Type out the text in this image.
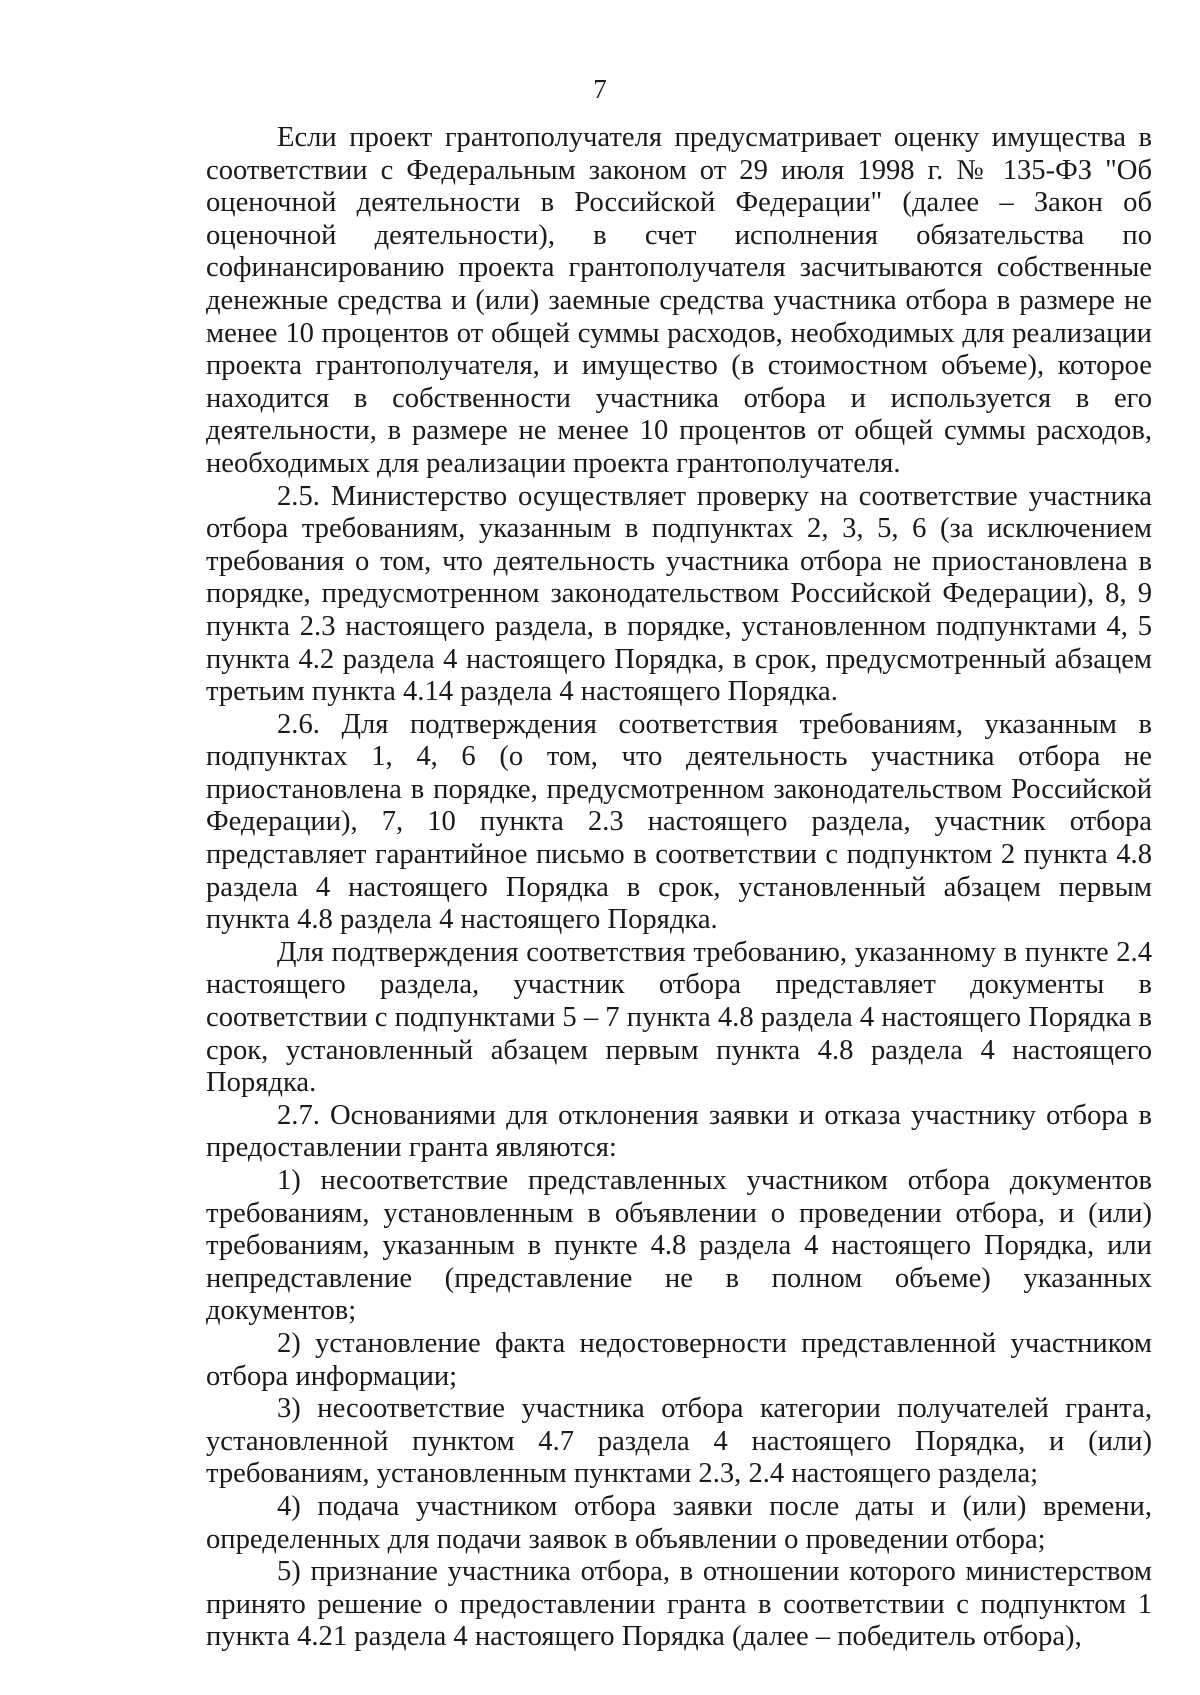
7

Если проект грантополучателя предусматривает оценку имущества в соответствии с Федеральным законом от 29 июля 1998 г. № 135-ФЗ "Об оценочной деятельности в Российской Федерации" (далее – Закон об оценочной деятельности), в счет исполнения обязательства по софинансированию проекта грантополучателя засчитываются собственные денежные средства и (или) заемные средства участника отбора в размере не менее 10 процентов от общей суммы расходов, необходимых для реализации проекта грантополучателя, и имущество (в стоимостном объеме), которое находится в собственности участника отбора и используется в его деятельности, в размере не менее 10 процентов от общей суммы расходов, необходимых для реализации проекта грантополучателя.

2.5. Министерство осуществляет проверку на соответствие участника отбора требованиям, указанным в подпунктах 2, 3, 5, 6 (за исключением требования о том, что деятельность участника отбора не приостановлена в порядке, предусмотренном законодательством Российской Федерации), 8, 9 пункта 2.3 настоящего раздела, в порядке, установленном подпунктами 4, 5 пункта 4.2 раздела 4 настоящего Порядка, в срок, предусмотренный абзацем третьим пункта 4.14 раздела 4 настоящего Порядка.

2.6. Для подтверждения соответствия требованиям, указанным в подпунктах 1, 4, 6 (о том, что деятельность участника отбора не приостановлена в порядке, предусмотренном законодательством Российской Федерации), 7, 10 пункта 2.3 настоящего раздела, участник отбора представляет гарантийное письмо в соответствии с подпунктом 2 пункта 4.8 раздела 4 настоящего Порядка в срок, установленный абзацем первым пункта 4.8 раздела 4 настоящего Порядка.

Для подтверждения соответствия требованию, указанному в пункте 2.4 настоящего раздела, участник отбора представляет документы в соответствии с подпунктами 5 – 7 пункта 4.8 раздела 4 настоящего Порядка в срок, установленный абзацем первым пункта 4.8 раздела 4 настоящего Порядка.

2.7. Основаниями для отклонения заявки и отказа участнику отбора в предоставлении гранта являются:

1) несоответствие представленных участником отбора документов требованиям, установленным в объявлении о проведении отбора, и (или) требованиям, указанным в пункте 4.8 раздела 4 настоящего Порядка, или непредставление (представление не в полном объеме) указанных документов;

2) установление факта недостоверности представленной участником отбора информации;

3) несоответствие участника отбора категории получателей гранта, установленной пунктом 4.7 раздела 4 настоящего Порядка, и (или) требованиям, установленным пунктами 2.3, 2.4 настоящего раздела;

4) подача участником отбора заявки после даты и (или) времени, определенных для подачи заявок в объявлении о проведении отбора;

5) признание участника отбора, в отношении которого министерством принято решение о предоставлении гранта в соответствии с подпунктом 1 пункта 4.21 раздела 4 настоящего Порядка (далее – победитель отбора),
